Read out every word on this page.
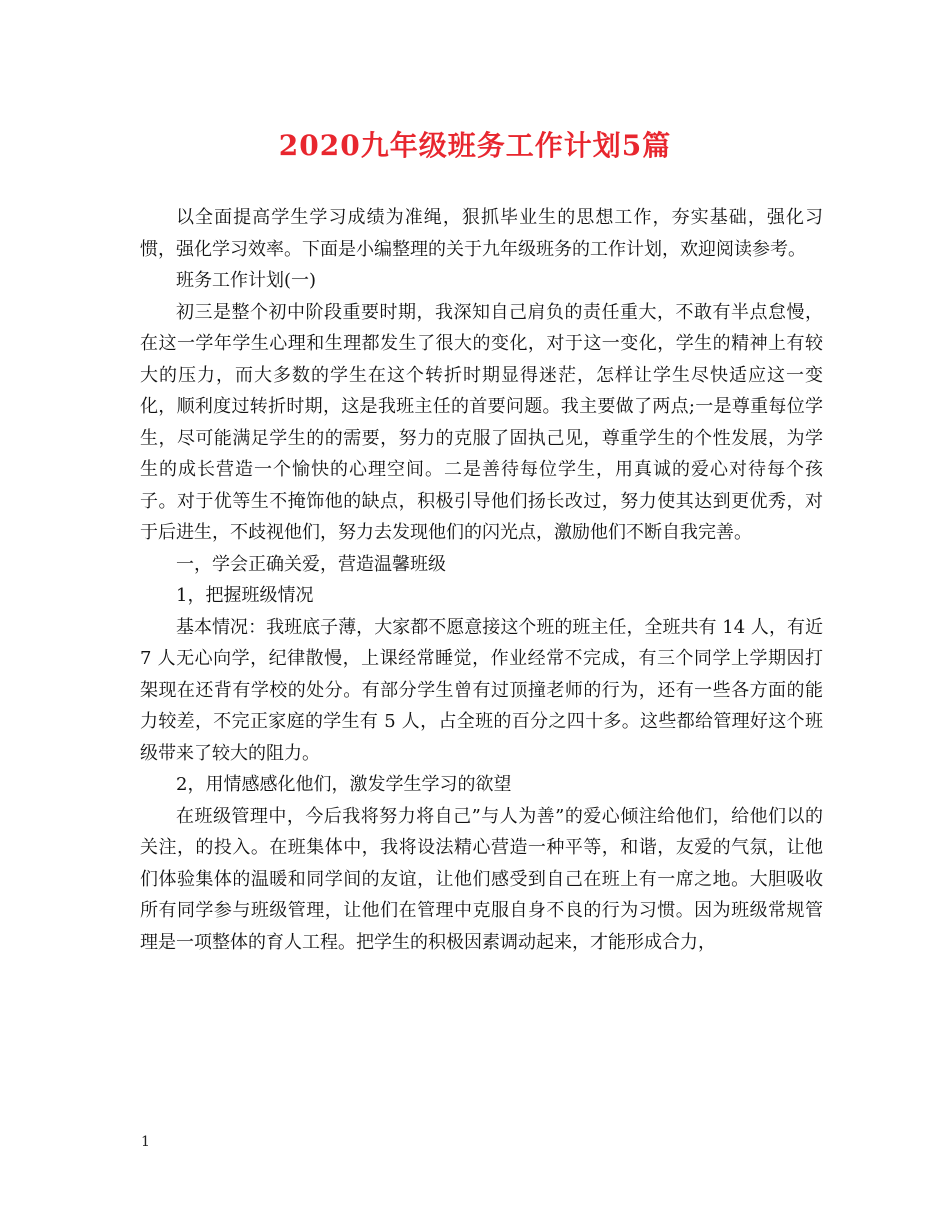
2020九年级班务工作计划5篇

以全面提高学生学习成绩为准绳，狠抓毕业生的思想工作，夯实基础，强化习惯，强化学习效率。下面是小编整理的关于九年级班务的工作计划，欢迎阅读参考。

班务工作计划(一)

初三是整个初中阶段重要时期，我深知自己肩负的责任重大，不敢有半点怠慢，在这一学年学生心理和生理都发生了很大的变化，对于这一变化，学生的精神上有较大的压力，而大多数的学生在这个转折时期显得迷茫，怎样让学生尽快适应这一变化，顺利度过转折时期，这是我班主任的首要问题。我主要做了两点;一是尊重每位学生，尽可能满足学生的的需要，努力的克服了固执己见，尊重学生的个性发展，为学生的成长营造一个愉快的心理空间。二是善待每位学生，用真诚的爱心对待每个孩子。对于优等生不掩饰他的缺点，积极引导他们扬长改过，努力使其达到更优秀，对于后进生，不歧视他们，努力去发现他们的闪光点，激励他们不断自我完善。

一，学会正确关爱，营造温馨班级

1，把握班级情况

基本情况：我班底子薄，大家都不愿意接这个班的班主任，全班共有 14 人，有近 7 人无心向学，纪律散慢，上课经常睡觉，作业经常不完成，有三个同学上学期因打架现在还背有学校的处分。有部分学生曾有过顶撞老师的行为，还有一些各方面的能力较差，不完正家庭的学生有 5 人，占全班的百分之四十多。这些都给管理好这个班级带来了较大的阻力。

2，用情感感化他们，激发学生学习的欲望

在班级管理中，今后我将努力将自己”与人为善”的爱心倾注给他们，给他们以的关注，的投入。在班集体中，我将设法精心营造一种平等，和谐，友爱的气氛，让他们体验集体的温暖和同学间的友谊，让他们感受到自己在班上有一席之地。大胆吸收所有同学参与班级管理，让他们在管理中克服自身不良的行为习惯。因为班级常规管理是一项整体的育人工程。把学生的积极因素调动起来，才能形成合力，

1
